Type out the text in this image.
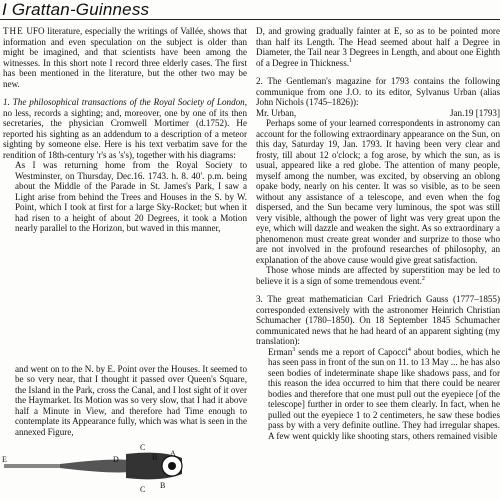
I Grattan-Guinness

THE UFO literature, especially the writings of Vallée, shows that information and even speculation on the subject is older than might be imagined, and that scientists have been among the witnesses. In this short note I record three elderly cases. The first has been mentioned in the literature, but the other two may be new.

1. The philosophical transactions of the Royal Society of London, no less, records a sighting; and, moreover, one by one of its then secretaries, the physician Cromwell Mortimer (d.1752). He reported his sighting as an addendum to a description of a meteor sighting by someone else. Here is his text verbatim save for the rendition of 18th-century 'r's as 's's), together with his diagrams:

As I was returning home from the Royal Society to Westminster, on Thursday, Dec.16. 1743. h. 8. 40'. p.m. being about the Middle of the Parade in St. James's Park, I saw a Light arise from behind the Trees and Houses in the S. by W. Point, which I took at first for a large Sky-Rocket; but when it had risen to a height of about 20 Degrees, it took a Motion nearly parallel to the Horizon, but waved in this manner,

and went on to the N. by E. Point over the Houses. It seemed to be so very near, that I thought it passed over Queen's Square, the Island in the Park, cross the Canal, and I lost sight of it over the Haymarket. Its Motion was so very slow, that I had it above half a Minute in View, and therefore had Time enough to contemplate its Appearance fully, which was what is seen in the annexed Figure,

E	D
C
B A
C B

D, and growing gradually fainter at E, so as to be pointed more than half its Length. The Head seemed about half a Degree in Diameter, the Tail near 3 Degrees in Length, and about one Eighth of a Degree in Thickness.$^1$

2. The Gentleman's magazine for 1793 contains the following communique from one J.O. to its editor, Sylvanus Urban (alias John Nichols (1745–1826)):

Mr. Urban,	Jan.19 [1793]

Perhaps some of your learned correspondents in astronomy can account for the following extraordinary appearance on the Sun, on this day, Saturday 19, Jan. 1793. It having been very clear and frosty, till about 12 o'clock; a fog arose, by which the sun, as is usual, appeared like a red globe. The attention of many people, myself among the number, was excited, by observing an oblong opake body, nearly on his center. It was so visible, as to be seen without any assistance of a telescope, and even when the fog dispersed, and the Sun became very luminous, the spot was still very visible, although the power of light was very great upon the eye, which will dazzle and weaken the sight. As so extraordinary a phenomenon must create great wonder and surprize to those who are not involved in the profound researches of philosophy, an explanation of the above cause would give great satisfaction.

Those whose minds are affected by superstition may be led to believe it is a sign of some tremendous event.$^2$

3. The great mathematician Carl Friedrich Gauss (1777–1855) corresponded extensively with the astronomer Heinrich Christian Schumacher (1780–1850). On 18 September 1845 Schumacher communicated news that he had heard of an apparent sighting (my translation):

Erman$^3$ sends me a report of Capocci$^4$ about bodies, which he has seen pass in front of the sun on 11. to 13 May ... he has also seen bodies of indeterminate shape like shadows pass, and for this reason the idea occurred to him that there could be nearer bodies and therefore that one must pull out the eyepiece [of the telescope] further in order to see them clearly. In fact, when he pulled out the eyepiece 1 to 2 centimeters, he saw these bodies pass by with a very definite outline. They had irregular shapes. A few went quickly like shooting stars, others remained visible
